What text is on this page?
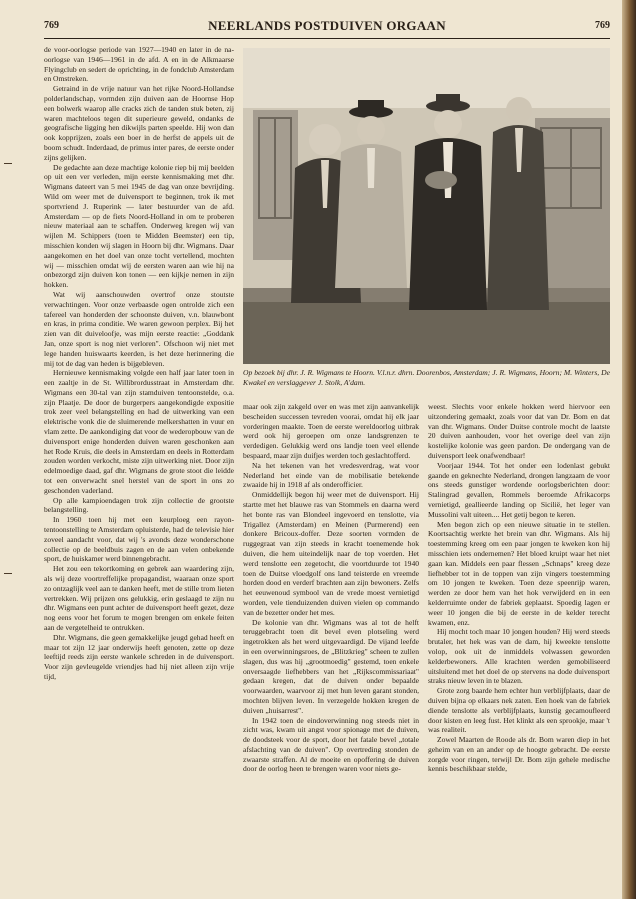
769	NEERLANDS POSTDUIVEN ORGAAN	769

de voor-oorlogse periode van 1927—1940 en later in de na-oorlogse van 1946—1961 in de afd. A en in de Alkmaarse Flyingclub en sedert de oprichting, in de fondclub Amsterdam en Omstreken.

Getraind in de vrije natuur van het rijke Noord-Hollandse polderlandschap, vormden zijn duiven aan de Hoornse Hop een bolwerk waarop alle cracks zich de tanden stuk beten, zij waren machteloos tegen dit superieure geweld, ondanks de geografische ligging hen dikwijls parten speelde. Hij won dan ook kopprijzen, zoals een boer in de herfst de appels uit de boom schudt. Inderdaad, de primus inter pares, de eerste onder zijns gelijken.

De gedachte aan deze machtige kolonie riep bij mij beelden op uit een ver verleden, mijn eerste kennismaking met dhr. Wigmans dateert van 5 mei 1945 de dag van onze bevrijding. Wild om weer met de duivensport te beginnen, trok ik met sportvriend J. Ruperink — later bestuurder van de afd. Amsterdam — op de fiets Noord-Holland in om te proberen nieuw materiaal aan te schaffen. Onderweg kregen wij van wijlen M. Schippers (toen te Midden Beemster) een tip, misschien konden wij slagen in Hoorn bij dhr. Wigmans. Daar aangekomen en het doel van onze tocht vertellend, mochten wij — misschien omdat wij de eersten waren aan wie hij na onbezorgd zijn duiven kon tonen — een kijkje nemen in zijn hokken.

Wat wij aanschouwden overtrof onze stoutste verwachtingen. Voor onze verbaasde ogen ontrolde zich een tafereel van honderden der schoonste duiven, v.n. blauwbont en kras, in prima conditie. We waren gewoon perplex. Bij het zien van dit duiveloofje, was mijn eerste reactie: „Goddank Jan, onze sport is nog niet verloren". Ofschoon wij niet met lege handen huiswaarts keerden, is het deze herinnering die mij tot de dag van heden is bijgebleven.

Hernieuwe kennismaking volgde een half jaar later toen in een zaaltje in de St. Willibrordusstraat in Amsterdam dhr. Wigmans een 30-tal van zijn stamduiven tentoonstelde, o.a. zijn Plaatje. De door de burgerpers aangekondigde expositie trok zeer veel belangstelling en had de uitwerking van een elektrische vonk die de sluimerende melkershatten in vuur en vlam zette. De aankondiging dat voor de wederopbouw van de duivensport enige honderden duiven waren geschonken aan het Rode Kruis, die deels in Amsterdam en deels in Rotterdam zouden worden verkocht, miste zijn uitwerking niet. Door zijn edelmoedige daad, gaf dhr. Wigmans de grote stoot die leidde tot een onverwacht snel herstel van de sport in ons zo geschonden vaderland.

Op alle kampioendagen trok zijn collectie de grootste belangstelling.

In 1960 toen hij met een keurploeg een rayon-tentoonstelling te Amsterdam opluisterde, had de televisie hier zoveel aandacht voor, dat wij 's avonds deze wonderschone collectie op de beeldbuis zagen en de aan velen onbekende sport, de huiskamer werd binnengebracht.

Het zou een tekortkoming en gebrek aan waardering zijn, als wij deze voortreffelijke propagandist, waaraan onze sport zo ontzaglijk veel aan te danken heeft, met de stille trom lieten vertrekken. Wij prijzen ons gelukkig, erin geslaagd te zijn nu dhr. Wigmans een punt achter de duivensport heeft gezet, deze nog eens voor het forum te mogen brengen om enkele feiten aan de vergetelheid te ontrukken.

Dhr. Wigmans, die geen gemakkelijke jeugd gehad heeft en maar tot zijn 12 jaar onderwijs heeft genoten, zette op deze leeftijd reeds zijn eerste wankele schreden in de duivensport. Voor zijn gevleugelde vriendjes had hij niet alleen zijn vrije tijd,

Op bezoek bij dhr. J. R. Wigmans te Hoorn. V.l.n.r. dhrn. Doorenbos, Amsterdam; J. R. Wigmans, Hoorn; M. Winters, De Kwakel en verslaggever J. Stolk, A'dam.

maar ook zijn zakgeld over en was met zijn aanvankelijk bescheiden successen tevreden voorai, omdat hij elk jaar vorderingen maakte. Toen de eerste wereldoorlog uitbrak werd ook hij geroepen om onze landsgrenzen te verdedigen. Gelukkig werd ons landje toen veel ellende bespaard, maar zijn duifjes werden toch geslachtofferd.

Na het tekenen van het vredesverdrag, wat voor Nederland het einde van de mobilisatie betekende zwaaide hij in 1918 af als onderofficier.

Onmiddellijk begon hij weer met de duivensport. Hij startte met het blauwe ras van Stommels en daarna werd het bonte ras van Blondeel ingevoerd en tenslotte, via Trigallez (Amsterdam) en Meinen (Purmerend) een donkere Bricoux-doffer. Deze soorten vormden de ruggegraat van zijn steeds in kracht toenemende hok duiven, die hem uiteindelijk naar de top voerden. Het werd tenslotte een zegetocht, die voortduurde tot 1940 toen de Duitse vloedgolf ons land teisterde en vreemde horden dood en verderf brachten aan zijn bewoners. Zelfs het eeuwenoud symbool van de vrede moest vernietigd worden, vele tienduizenden duiven vielen op commando van de bezetter onder het mes.

De kolonie van dhr. Wigmans was al tot de helft teruggebracht toen dit bevel even plotseling werd ingetrokken als het werd uitgevaardigd. De vijand leefde in een overwinningsroes, de „Blitzkrieg" scheen te zullen slagen, dus was hij „grootmoedig" gestemd, toen enkele onversaagde liefhebbers van het „Rijkscommissariaat" gedaan kregen, dat de duiven onder bepaalde voorwaarden, waarvoor zij met hun leven garant stonden, mochten blijven leven. In verzegelde hokken kregen de duiven „huisarrest".

In 1942 toen de eindoverwinning nog steeds niet in zicht was, kwam uit angst voor spionage met de duiven, de doodsteek voor de sport, door het fatale bevel „totale afslachting van de duiven". Op overtreding stonden de zwaarste straffen. Al de moeite en opoffering de duiven door de oorlog heen te brengen waren voor niets ge-

weest. Slechts voor enkele hokken werd hiervoor een uitzondering gemaakt, zoals voor dat van Dr. Bom en dat van dhr. Wigmans. Onder Duitse controle mocht de laatste 20 duiven aanhouden, voor het overige deel van zijn kostelijke kolonie was geen pardon. De ondergang van de duivensport leek onafwendbaar!

Voorjaar 1944. Tot het onder een lodenlast gebukt gaande en geknechte Nederland, drongen langzaam de voor ons steeds gunstiger wordende oorlogsberichten door: Stalingrad gevallen, Rommels beroemde Afrikacorps vernietigd, geallieerde landing op Sicilië, het leger van Mussolini valt uiteen.... Het getij begon te keren.

Men begon zich op een nieuwe situatie in te stellen. Koortsachtig werkte het brein van dhr. Wigmans. Als hij toestemming kreeg om een paar jongen te kweken kon hij misschien iets ondernemen? Het bloed kruipt waar het niet gaan kan. Middels een paar flessen „Schnaps" kreeg deze liefhebber tot in de toppen van zijn vingers toestemming om 10 jongen te kweken. Toen deze speenrijp waren, werden ze door hem van het hok verwijderd en in een kelderruimte onder de fabriek geplaatst. Spoedig lagen er weer 10 jongen die bij de eerste in de kelder terecht kwamen, enz.

Hij mocht toch maar 10 jongen houden? Hij werd steeds brutaler, het hek was van de dam, hij kweekte tenslotte volop, ook uit de inmiddels volwassen geworden kelderbewoners. Alle krachten werden gemobiliseerd uitsluitend met het doel de op stervens na dode duivensport straks nieuw leven in te blazen.

Grote zorg baarde hem echter hun verblijfplaats, daar de duiven bijna op elkaars nek zaten. Een hoek van de fabriek diende tenslotte als verblijfplaats, kunstig gecamoufleerd door kisten en leeg fust. Het klinkt als een sprookje, maar 't was realiteit.

Zowel Maarten de Roode als dr. Bom waren diep in het geheim van en an ander op de hoogte gebracht. De eerste zorgde voor ringen, terwijl Dr. Bom zijn gehele medische kennis beschikbaar stelde,
